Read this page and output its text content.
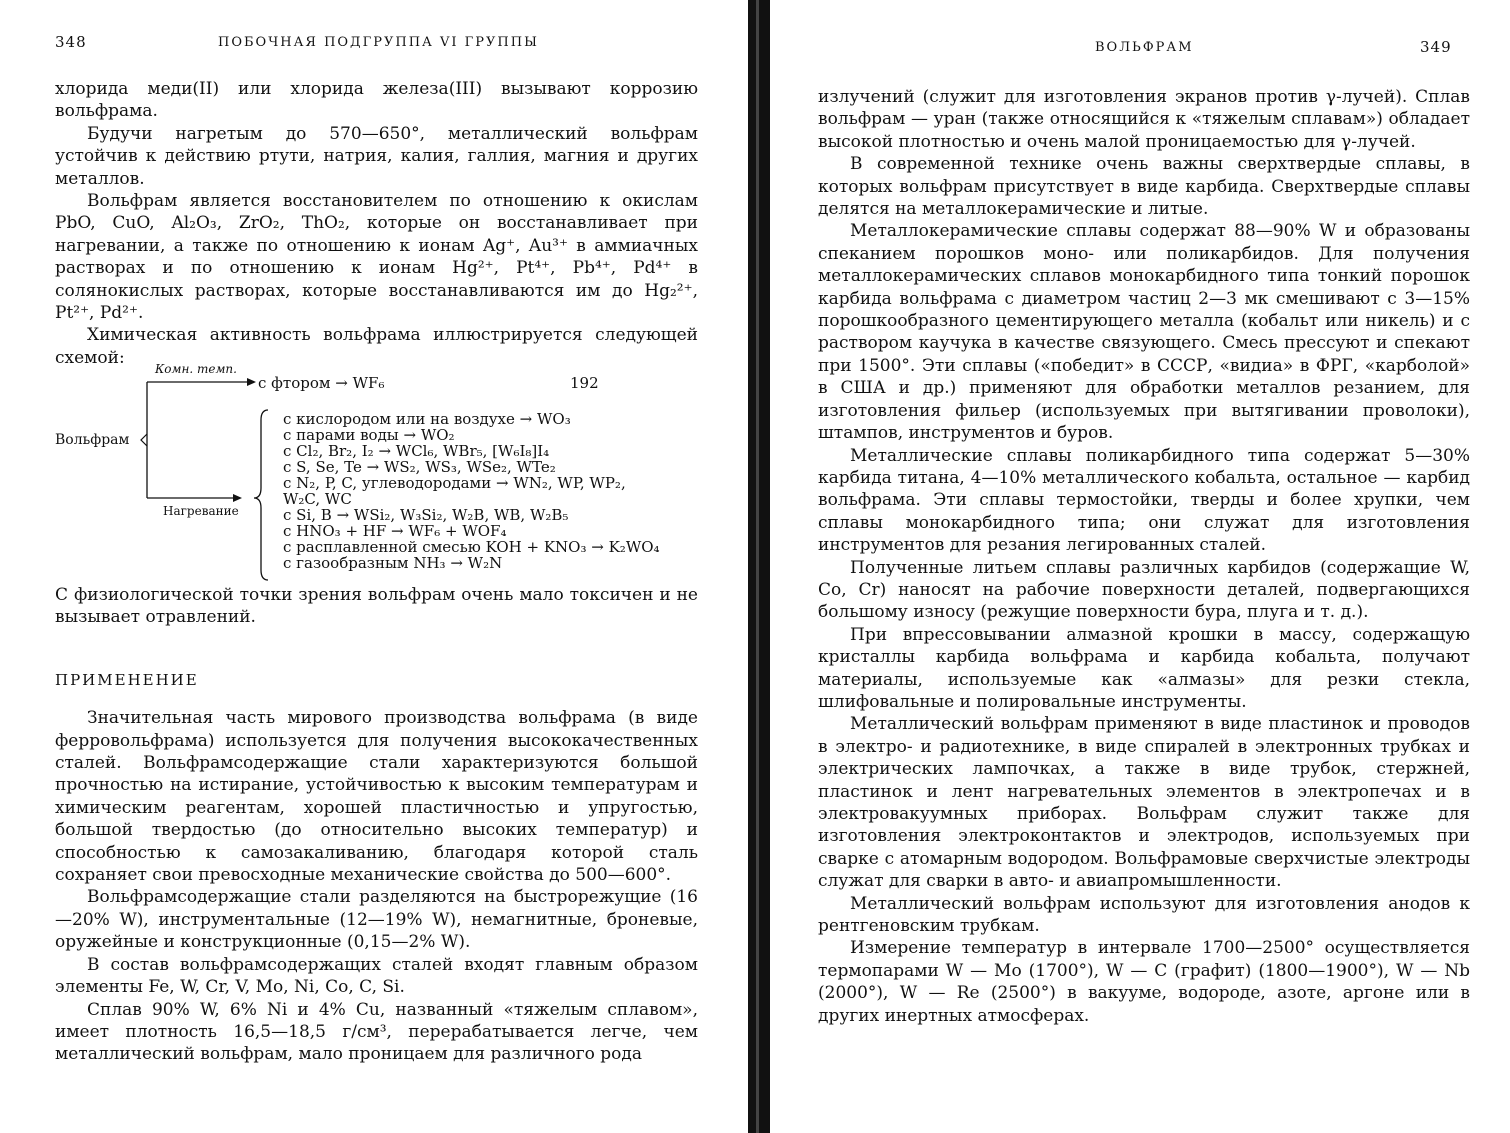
348	ПОБОЧНАЯ ПОДГРУППА VI ГРУППЫ

хлорида меди(II) или хлорида железа(III) вызывают коррозию вольфрама.

Будучи нагретым до 570—650°, металлический вольфрам устойчив к действию ртути, натрия, калия, галлия, магния и других металлов.

Вольфрам является восстановителем по отношению к окислам PbO, CuO, Al₂O₃, ZrO₂, ThO₂, которые он восстанавливает при нагревании, а также по отношению к ионам Ag⁺, Au³⁺ в аммиачных растворах и по отношению к ионам Hg²⁺, Pt⁴⁺, Pb⁴⁺, Pd⁴⁺ в солянокислых растворах, которые восстанавливаются им до Hg₂²⁺, Pt²⁺, Pd²⁺.

Химическая активность вольфрама иллюстрируется следующей схемой:

Комн. темп.
с фтором → WF₆	192
Вольфрам
Нагревание
с кислородом или на воздухе → WO₃
с парами воды → WO₂
с Cl₂, Br₂, I₂ → WCl₆, WBr₅, [W₆I₈]I₄
с S, Se, Te → WS₂, WS₃, WSe₂, WTe₂
с N₂, P, C, углеводородами → WN₂, WP, WP₂,
W₂C, WC
с Si, B → WSi₂, W₃Si₂, W₂B, WB, W₂B₅
с HNO₃ + HF → WF₆ + WOF₄
с расплавленной смесью KOH + KNO₃ → K₂WO₄
с газообразным NH₃ → W₂N

С физиологической точки зрения вольфрам очень мало токсичен и не вызывает отравлений.

ПРИМЕНЕНИЕ

Значительная часть мирового производства вольфрама (в виде ферровольфрама) используется для получения высококачественных сталей. Вольфрамсодержащие стали характеризуются большой прочностью на истирание, устойчивостью к высоким температурам и химическим реагентам, хорошей пластичностью и упругостью, большой твердостью (до относительно высоких температур) и способностью к самозакаливанию, благодаря которой сталь сохраняет свои превосходные механические свойства до 500—600°.

Вольфрамсодержащие стали разделяются на быстрорежущие (16—20% W), инструментальные (12—19% W), немагнитные, броневые, оружейные и конструкционные (0,15—2% W).

В состав вольфрамсодержащих сталей входят главным образом элементы Fe, W, Cr, V, Mo, Ni, Co, C, Si.

Сплав 90% W, 6% Ni и 4% Cu, названный «тяжелым сплавом», имеет плотность 16,5—18,5 г/см³, перерабатывается легче, чем металлический вольфрам, мало проницаем для различного рода

ВОЛЬФРАМ	349

излучений (служит для изготовления экранов против γ-лучей). Сплав вольфрам — уран (также относящийся к «тяжелым сплавам») обладает высокой плотностью и очень малой проницаемостью для γ-лучей.

В современной технике очень важны сверхтвердые сплавы, в которых вольфрам присутствует в виде карбида. Сверхтвердые сплавы делятся на металлокерамические и литые.

Металлокерамические сплавы содержат 88—90% W и образованы спеканием порошков моно- или поликарбидов. Для получения металлокерамических сплавов монокарбидного типа тонкий порошок карбида вольфрама с диаметром частиц 2—3 мк смешивают с 3—15% порошкообразного цементирующего металла (кобальт или никель) и с раствором каучука в качестве связующего. Смесь прессуют и спекают при 1500°. Эти сплавы («победит» в СССР, «видиа» в ФРГ, «карболой» в США и др.) применяют для обработки металлов резанием, для изготовления фильер (используемых при вытягивании проволоки), штампов, инструментов и буров.

Металлические сплавы поликарбидного типа содержат 5—30% карбида титана, 4—10% металлического кобальта, остальное — карбид вольфрама. Эти сплавы термостойки, тверды и более хрупки, чем сплавы монокарбидного типа; они служат для изготовления инструментов для резания легированных сталей.

Полученные литьем сплавы различных карбидов (содержащие W, Co, Cr) наносят на рабочие поверхности деталей, подвергающихся большому износу (режущие поверхности бура, плуга и т. д.).

При впрессовывании алмазной крошки в массу, содержащую кристаллы карбида вольфрама и карбида кобальта, получают материалы, используемые как «алмазы» для резки стекла, шлифовальные и полировальные инструменты.

Металлический вольфрам применяют в виде пластинок и проводов в электро- и радиотехнике, в виде спиралей в электронных трубках и электрических лампочках, а также в виде трубок, стержней, пластинок и лент нагревательных элементов в электропечах и в электровакуумных приборах. Вольфрам служит также для изготовления электроконтактов и электродов, используемых при сварке с атомарным водородом. Вольфрамовые сверхчистые электроды служат для сварки в авто- и авиапромышленности.

Металлический вольфрам используют для изготовления анодов к рентгеновским трубкам.

Измерение температур в интервале 1700—2500° осуществляется термопарами W — Mo (1700°), W — C (графит) (1800—1900°), W — Nb (2000°), W — Re (2500°) в вакууме, водороде, азоте, аргоне или в других инертных атмосферах.
